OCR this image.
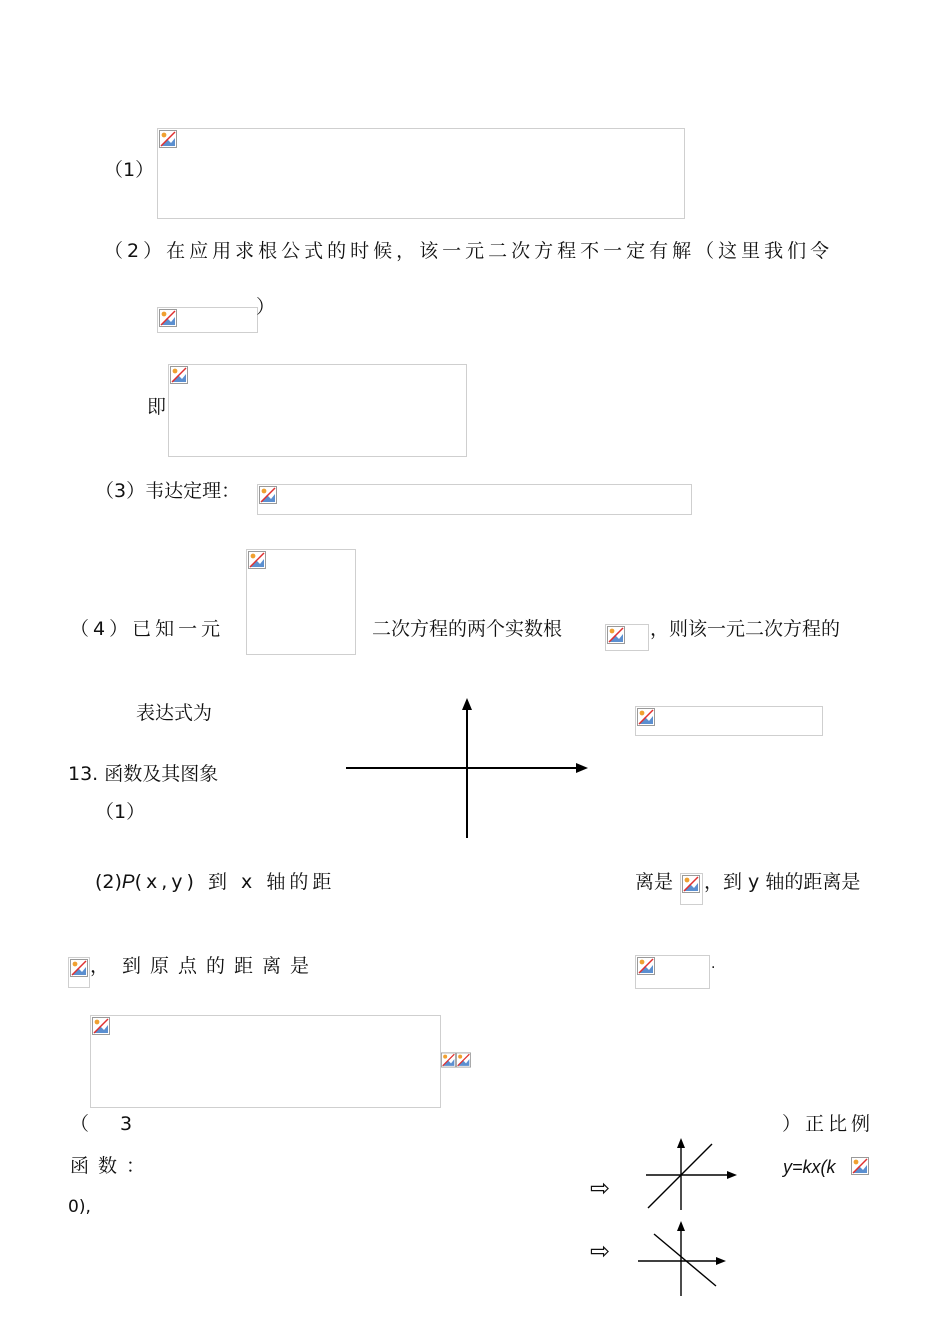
（1）
（2）在应用求根公式的时候，该一元二次方程不一定有解（这里我们令
）
即
（3）韦达定理：
（4）已知一元	二次方程的两个实数根	，则该一元二次方程的
表达式为
13. 函数及其图象
（1）
(2)P(x,y) 到 x 轴的距	离是 ，到 y 轴的距离是
， 到原点的距离是	.
（ 3	）正比例
函数：	y=kx(k
0),
⇨
⇨
